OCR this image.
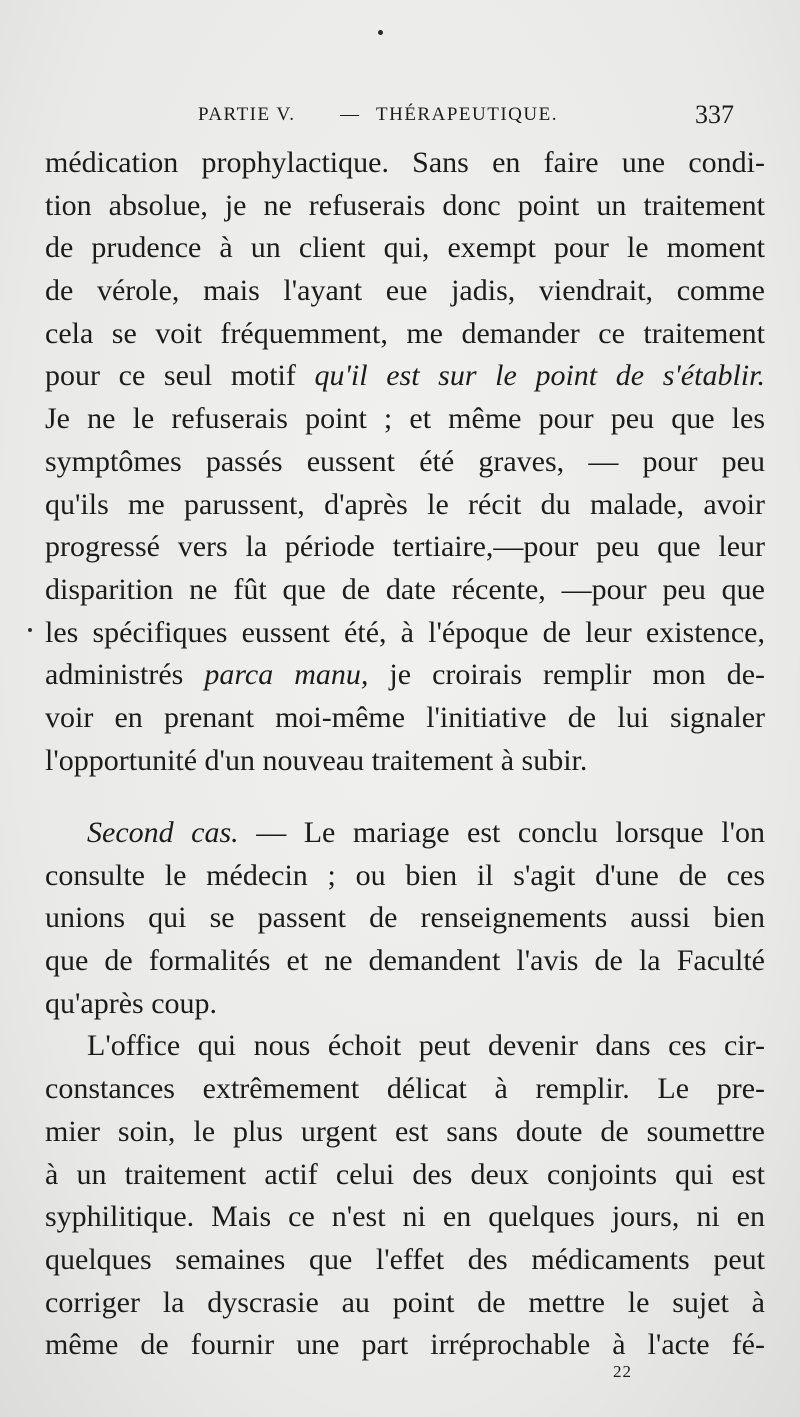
PARTIE V. — THÉRAPEUTIQUE.	337
médication prophylactique. Sans en faire une condi-
tion absolue, je ne refuserais donc point un traitement
de prudence à un client qui, exempt pour le moment
de vérole, mais l'ayant eue jadis, viendrait, comme
cela se voit fréquemment, me demander ce traitement
pour ce seul motif qu'il est sur le point de s'établir.
Je ne le refuserais point ; et même pour peu que les
symptômes passés eussent été graves, — pour peu
qu'ils me parussent, d'après le récit du malade, avoir
progressé vers la période tertiaire,—pour peu que leur
disparition ne fût que de date récente, —pour peu que
les spécifiques eussent été, à l'époque de leur existence,
administrés parca manu, je croirais remplir mon de-
voir en prenant moi-même l'initiative de lui signaler
l'opportunité d'un nouveau traitement à subir.
Second cas. — Le mariage est conclu lorsque l'on
consulte le médecin ; ou bien il s'agit d'une de ces
unions qui se passent de renseignements aussi bien
que de formalités et ne demandent l'avis de la Faculté
qu'après coup.
L'office qui nous échoit peut devenir dans ces cir-
constances extrêmement délicat à remplir. Le pre-
mier soin, le plus urgent est sans doute de soumettre
à un traitement actif celui des deux conjoints qui est
syphilitique. Mais ce n'est ni en quelques jours, ni en
quelques semaines que l'effet des médicaments peut
corriger la dyscrasie au point de mettre le sujet à
même de fournir une part irréprochable à l'acte fé-
22
